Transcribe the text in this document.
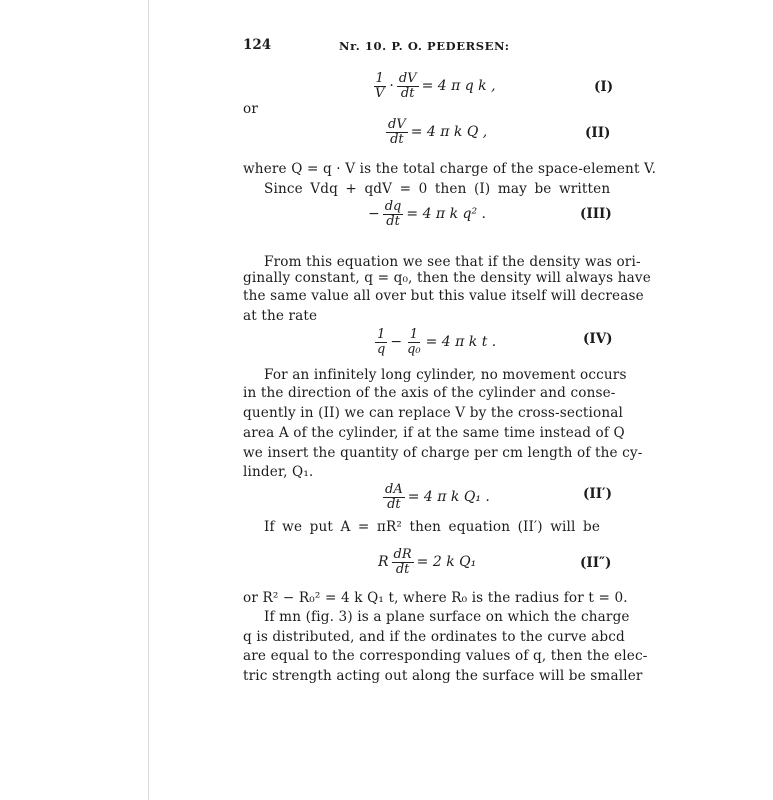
124	Nr. 10. P. O. PEDERSEN:
$\frac{1}{V} \cdot \frac{dV}{dt} = 4$ π q k ,	(I)
or
$\frac{dV}{dt} = 4$ π k Q ,	(II)
where Q = q · V is the total charge of the space-element V.
Since Vdq + qdV = 0 then (I) may be written
− $\frac{dq}{dt} = 4$ π k q² .	(III)
From this equation we see that if the density was ori-
ginally constant, q = q₀, then the density will always have
the same value all over but this value itself will decrease
at the rate
$\frac{1}{q} - \frac{1}{\text{q₀}} = 4$ π k t .	(IV)
For an infinitely long cylinder, no movement occurs
in the direction of the axis of the cylinder and conse-
quently in (II) we can replace V by the cross-sectional
area A of the cylinder, if at the same time instead of Q
we insert the quantity of charge per cm length of the cy-
linder, Q₁.
$\frac{dA}{dt} = 4$ π k Q₁ .	(II′)
If we put A = πR² then equation (II′) will be
R $\frac{dR}{dt} = 2$ k Q₁	(II″)
or R² − R₀² = 4 k Q₁ t, where R₀ is the radius for t = 0.
If mn (fig. 3) is a plane surface on which the charge
q is distributed, and if the ordinates to the curve abcd
are equal to the corresponding values of q, then the elec-
tric strength acting out along the surface will be smaller
